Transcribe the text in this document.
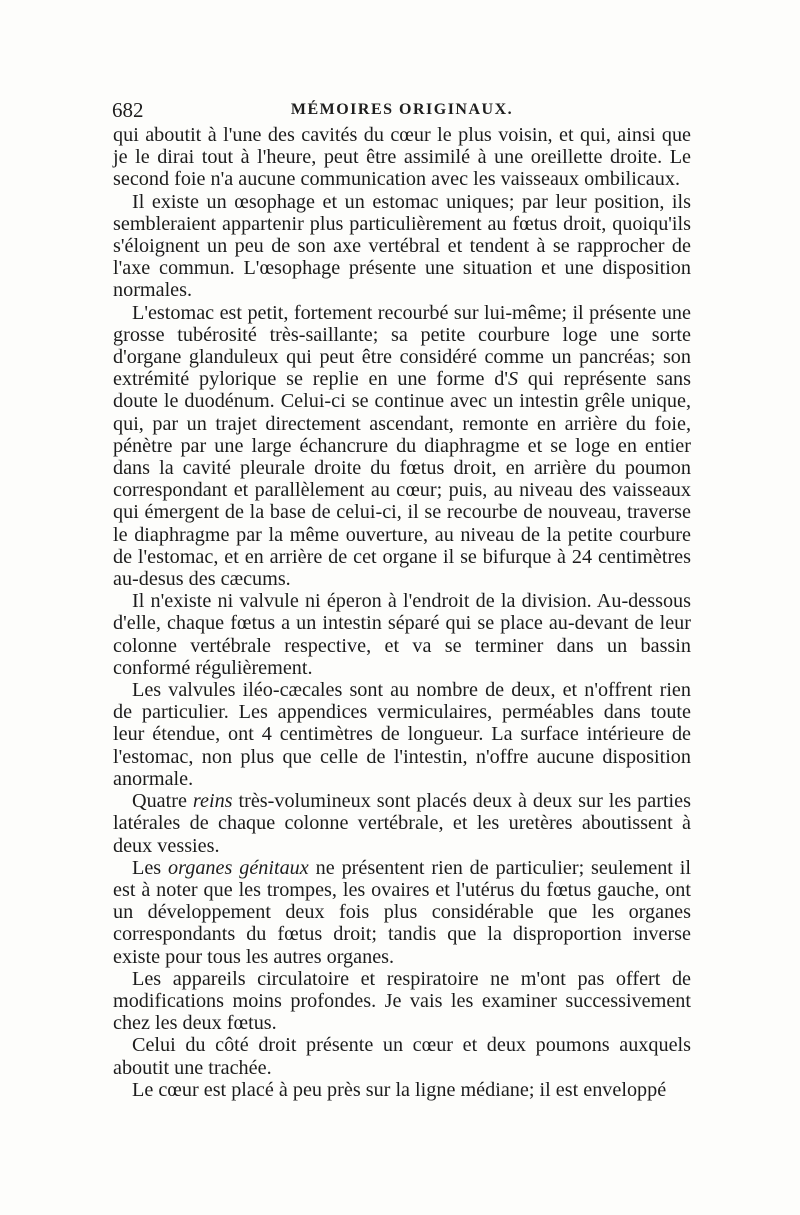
682	MÉMOIRES ORIGINAUX.

qui aboutit à l'une des cavités du cœur le plus voisin, et qui, ainsi que je le dirai tout à l'heure, peut être assimilé à une oreillette droite. Le second foie n'a aucune communication avec les vaisseaux ombilicaux.

Il existe un œsophage et un estomac uniques; par leur position, ils sembleraient appartenir plus particulièrement au fœtus droit, quoiqu'ils s'éloignent un peu de son axe vertébral et tendent à se rapprocher de l'axe commun. L'œsophage présente une situation et une disposition normales.

L'estomac est petit, fortement recourbé sur lui-même; il présente une grosse tubérosité très-saillante; sa petite courbure loge une sorte d'organe glanduleux qui peut être considéré comme un pancréas; son extrémité pylorique se replie en une forme d'S qui représente sans doute le duodénum. Celui-ci se continue avec un intestin grêle unique, qui, par un trajet directement ascendant, remonte en arrière du foie, pénètre par une large échancrure du diaphragme et se loge en entier dans la cavité pleurale droite du fœtus droit, en arrière du poumon correspondant et parallèlement au cœur; puis, au niveau des vaisseaux qui émergent de la base de celui-ci, il se recourbe de nouveau, traverse le diaphragme par la même ouverture, au niveau de la petite courbure de l'estomac, et en arrière de cet organe il se bifurque à 24 centimètres au-desus des cæcums.

Il n'existe ni valvule ni éperon à l'endroit de la division. Au-dessous d'elle, chaque fœtus a un intestin séparé qui se place au-devant de leur colonne vertébrale respective, et va se terminer dans un bassin conformé régulièrement.

Les valvules iléo-cæcales sont au nombre de deux, et n'offrent rien de particulier. Les appendices vermiculaires, perméables dans toute leur étendue, ont 4 centimètres de longueur. La surface intérieure de l'estomac, non plus que celle de l'intestin, n'offre aucune disposition anormale.

Quatre reins très-volumineux sont placés deux à deux sur les parties latérales de chaque colonne vertébrale, et les uretères aboutissent à deux vessies.

Les organes génitaux ne présentent rien de particulier; seulement il est à noter que les trompes, les ovaires et l'utérus du fœtus gauche, ont un développement deux fois plus considérable que les organes correspondants du fœtus droit; tandis que la disproportion inverse existe pour tous les autres organes.

Les appareils circulatoire et respiratoire ne m'ont pas offert de modifications moins profondes. Je vais les examiner successivement chez les deux fœtus.

Celui du côté droit présente un cœur et deux poumons auxquels aboutit une trachée.

Le cœur est placé à peu près sur la ligne médiane; il est enveloppé
